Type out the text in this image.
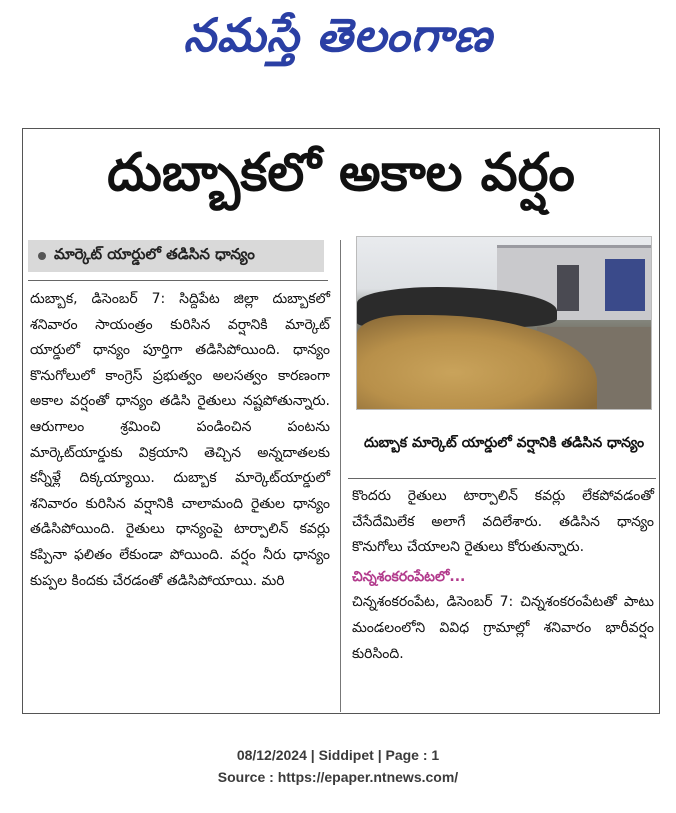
నమస్తే తెలంగాణ
దుబ్బాకలో అకాల వర్షం
మార్కెట్ యార్డులో తడిసిన ధాన్యం

దుబ్బాక, డిసెంబర్ 7: సిద్దిపేట జిల్లా దుబ్బాకలో శనివారం సాయంత్రం కురిసిన వర్షానికి మార్కెట్ యార్డులో ధాన్యం పూర్తిగా తడిసిపోయింది. ధాన్యం కొనుగోలులో కాంగ్రెస్ ప్రభుత్వం అలసత్వం కారణంగా అకాల వర్షంతో ధాన్యం తడిసి రైతులు నష్టపోతున్నారు. ఆరుగాలం శ్రమించి పండించిన పంటను మార్కెట్‌యార్డుకు విక్రయాని తెచ్చిన అన్నదాతలకు కన్నీళ్లే దిక్కయ్యాయి. దుబ్బాక మార్కెట్‌యార్డులో శనివారం కురిసిన వర్షానికి చాలామంది రైతుల ధాన్యం తడిసిపోయింది. రైతులు ధాన్యంపై టార్పాలిన్ కవర్లు కప్పినా ఫలితం లేకుండా పోయింది. వర్షం నీరు ధాన్యం కుప్పల కిందకు చేరడంతో తడిసిపోయాయి. మరి

దుబ్బాక మార్కెట్ యార్డులో వర్షానికి తడిసిన ధాన్యం

కొందరు రైతులు టార్పాలిన్ కవర్లు లేకపోవడంతో చేసేదేమిలేక అలాగే వదిలేశారు. తడిసిన ధాన్యం కొనుగోలు చేయాలని రైతులు కోరుతున్నారు.

చిన్నశంకరంపేటలో...

చిన్నశంకరంపేట, డిసెంబర్ 7: చిన్నశంకరంపేటతో పాటు మండలంలోని వివిధ గ్రామాల్లో శనివారం భారీవర్షం కురిసింది.

08/12/2024 | Siddipet | Page : 1
Source : https://epaper.ntnews.com/
